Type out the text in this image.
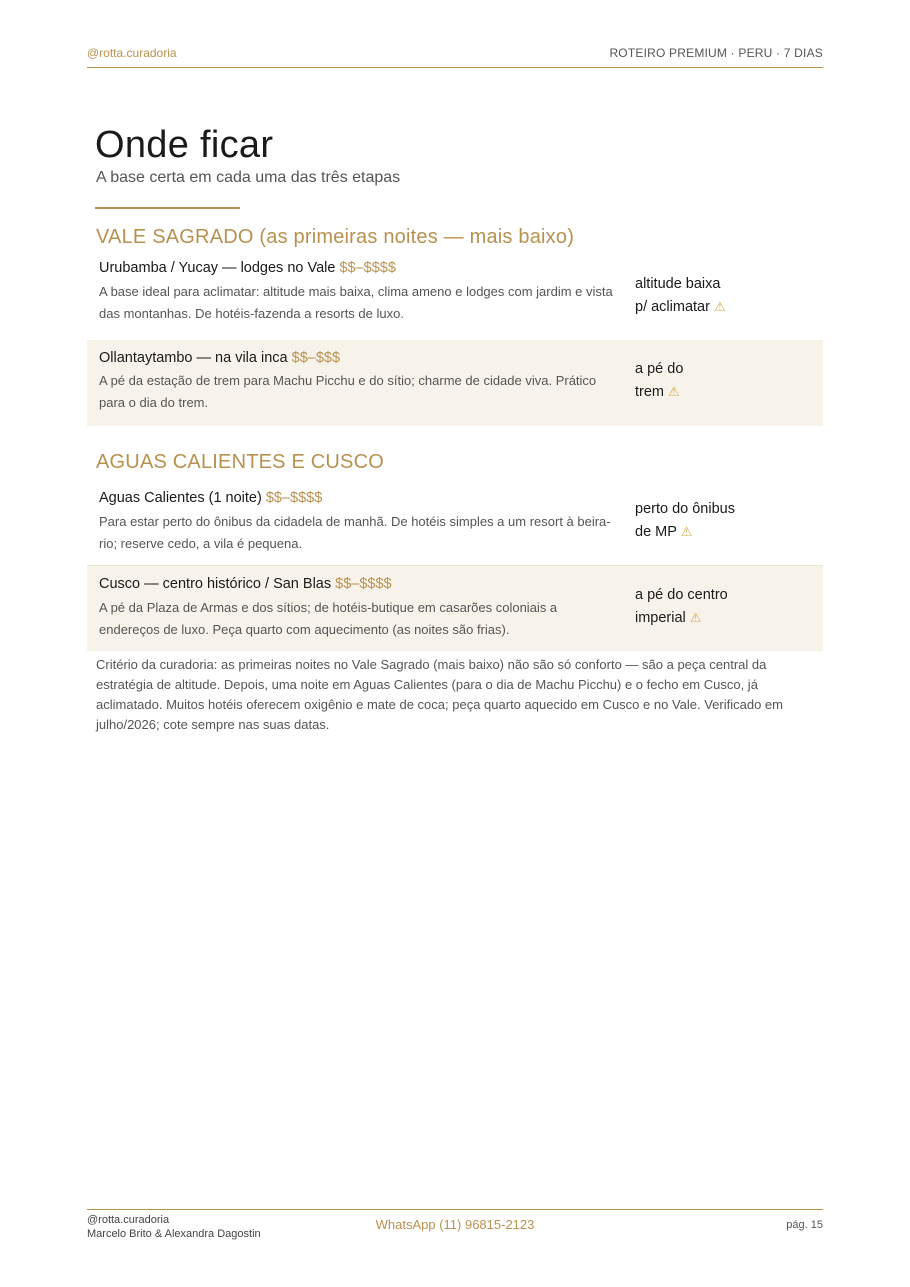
@rotta.curadoria	ROTEIRO PREMIUM · PERU · 7 DIAS
Onde ficar
A base certa em cada uma das três etapas
VALE SAGRADO (as primeiras noites — mais baixo)
Urubamba / Yucay — lodges no Vale $$–$$$$
A base ideal para aclimatar: altitude mais baixa, clima ameno e lodges com jardim e vista das montanhas. De hotéis-fazenda a resorts de luxo.
altitude baixa
p/ aclimatar ⚠
Ollantaytambo — na vila inca $$–$$$
A pé da estação de trem para Machu Picchu e do sítio; charme de cidade viva. Prático para o dia do trem.
a pé do
trem ⚠
AGUAS CALIENTES E CUSCO
Aguas Calientes (1 noite) $$–$$$$
Para estar perto do ônibus da cidadela de manhã. De hotéis simples a um resort à beira-rio; reserve cedo, a vila é pequena.
perto do ônibus
de MP ⚠
Cusco — centro histórico / San Blas $$–$$$$
A pé da Plaza de Armas e dos sítios; de hotéis-butique em casarões coloniais a endereços de luxo. Peça quarto com aquecimento (as noites são frias).
a pé do centro
imperial ⚠

Critério da curadoria: as primeiras noites no Vale Sagrado (mais baixo) não são só conforto — são a peça central da estratégia de altitude. Depois, uma noite em Aguas Calientes (para o dia de Machu Picchu) e o fecho em Cusco, já aclimatado. Muitos hotéis oferecem oxigênio e mate de coca; peça quarto aquecido em Cusco e no Vale. Verificado em julho/2026; cote sempre nas suas datas.

@rotta.curadoria
Marcelo Brito & Alexandra Dagostin
WhatsApp (11) 96815-2123	pág. 15
